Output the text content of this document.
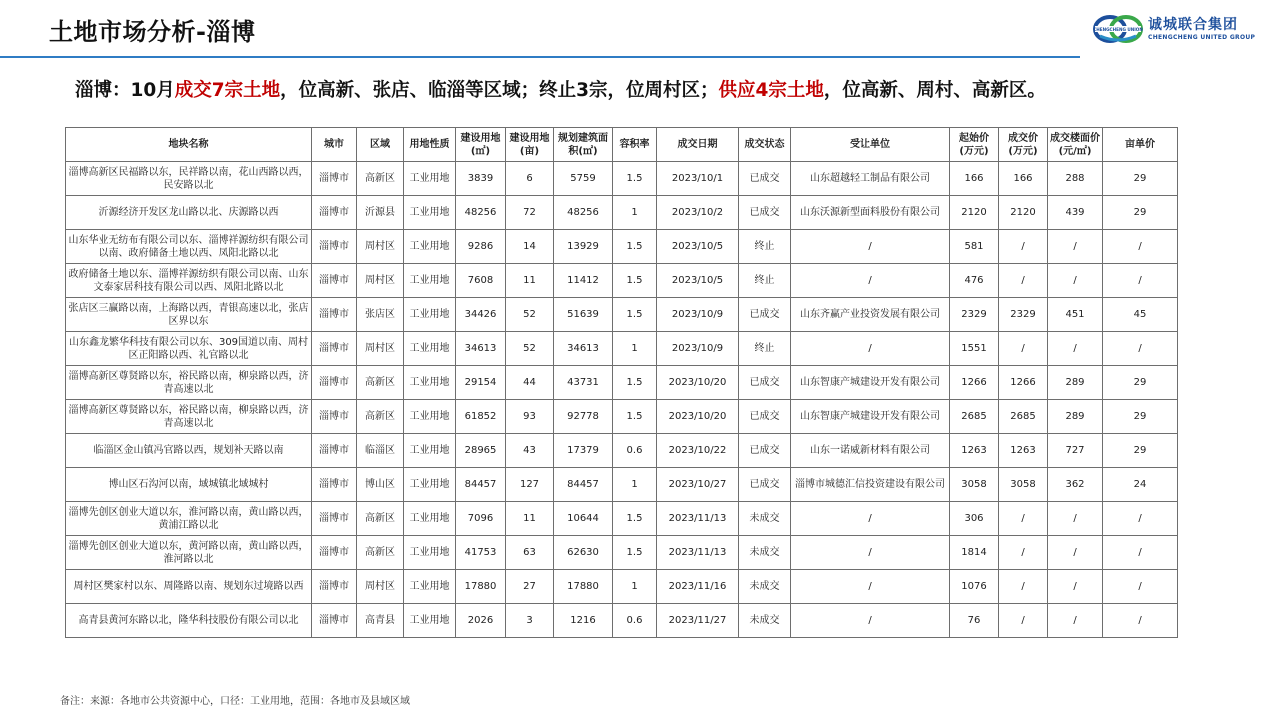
土地市场分析-淄博	CHENGCHENG UNION 诚城联合集团
CHENGCHENG UNITED GROUP
淄博：10月成交7宗土地，位高新、张店、临淄等区域；终止3宗，位周村区；供应4宗土地，位高新、周村、高新区。
地块名称	城市	区域	用地性质	建设用地(㎡)	建设用地(亩)	规划建筑面积(㎡)	容积率	成交日期	成交状态	受让单位	起始价(万元)	成交价(万元)	成交楼面价(元/㎡)	亩单价
淄博高新区民福路以东，民祥路以南，花山西路以西，民安路以北	淄博市	高新区	工业用地	3839	6	5759	1.5	2023/10/1	已成交	山东超越轻工制品有限公司	166	166	288	29
沂源经济开发区龙山路以北、庆源路以西	淄博市	沂源县	工业用地	48256	72	48256	1	2023/10/2	已成交	山东沃源新型面料股份有限公司	2120	2120	439	29
山东华业无纺布有限公司以东、淄博祥源纺织有限公司以南、政府储备土地以西、凤阳北路以北	淄博市	周村区	工业用地	9286	14	13929	1.5	2023/10/5	终止	/	581	/	/	/
政府储备土地以东、淄博祥源纺织有限公司以南、山东文泰家居科技有限公司以西、凤阳北路以北	淄博市	周村区	工业用地	7608	11	11412	1.5	2023/10/5	终止	/	476	/	/	/
张店区三赢路以南，上海路以西，青银高速以北，张店区界以东	淄博市	张店区	工业用地	34426	52	51639	1.5	2023/10/9	已成交	山东齐赢产业投资发展有限公司	2329	2329	451	45
山东鑫龙繁华科技有限公司以东、309国道以南、周村区正阳路以西、礼官路以北	淄博市	周村区	工业用地	34613	52	34613	1	2023/10/9	终止	/	1551	/	/	/
淄博高新区尊贤路以东，裕民路以南，柳泉路以西，济青高速以北	淄博市	高新区	工业用地	29154	44	43731	1.5	2023/10/20	已成交	山东智康产城建设开发有限公司	1266	1266	289	29
淄博高新区尊贤路以东，裕民路以南，柳泉路以西，济青高速以北	淄博市	高新区	工业用地	61852	93	92778	1.5	2023/10/20	已成交	山东智康产城建设开发有限公司	2685	2685	289	29
临淄区金山镇冯官路以西，规划补天路以南	淄博市	临淄区	工业用地	28965	43	17379	0.6	2023/10/22	已成交	山东一诺威新材料有限公司	1263	1263	727	29
博山区石沟河以南，域城镇北域城村	淄博市	博山区	工业用地	84457	127	84457	1	2023/10/27	已成交	淄博市城德汇信投资建设有限公司	3058	3058	362	24
淄博先创区创业大道以东，淮河路以南，黄山路以西，黄浦江路以北	淄博市	高新区	工业用地	7096	11	10644	1.5	2023/11/13	未成交	/	306	/	/	/
淄博先创区创业大道以东，黄河路以南，黄山路以西，淮河路以北	淄博市	高新区	工业用地	41753	63	62630	1.5	2023/11/13	未成交	/	1814	/	/	/
周村区樊家村以东、周隆路以南、规划东过境路以西	淄博市	周村区	工业用地	17880	27	17880	1	2023/11/16	未成交	/	1076	/	/	/
高青县黄河东路以北，隆华科技股份有限公司以北	淄博市	高青县	工业用地	2026	3	1216	0.6	2023/11/27	未成交	/	76	/	/	/
备注：来源：各地市公共资源中心，口径：工业用地，范围：各地市及县域区域
